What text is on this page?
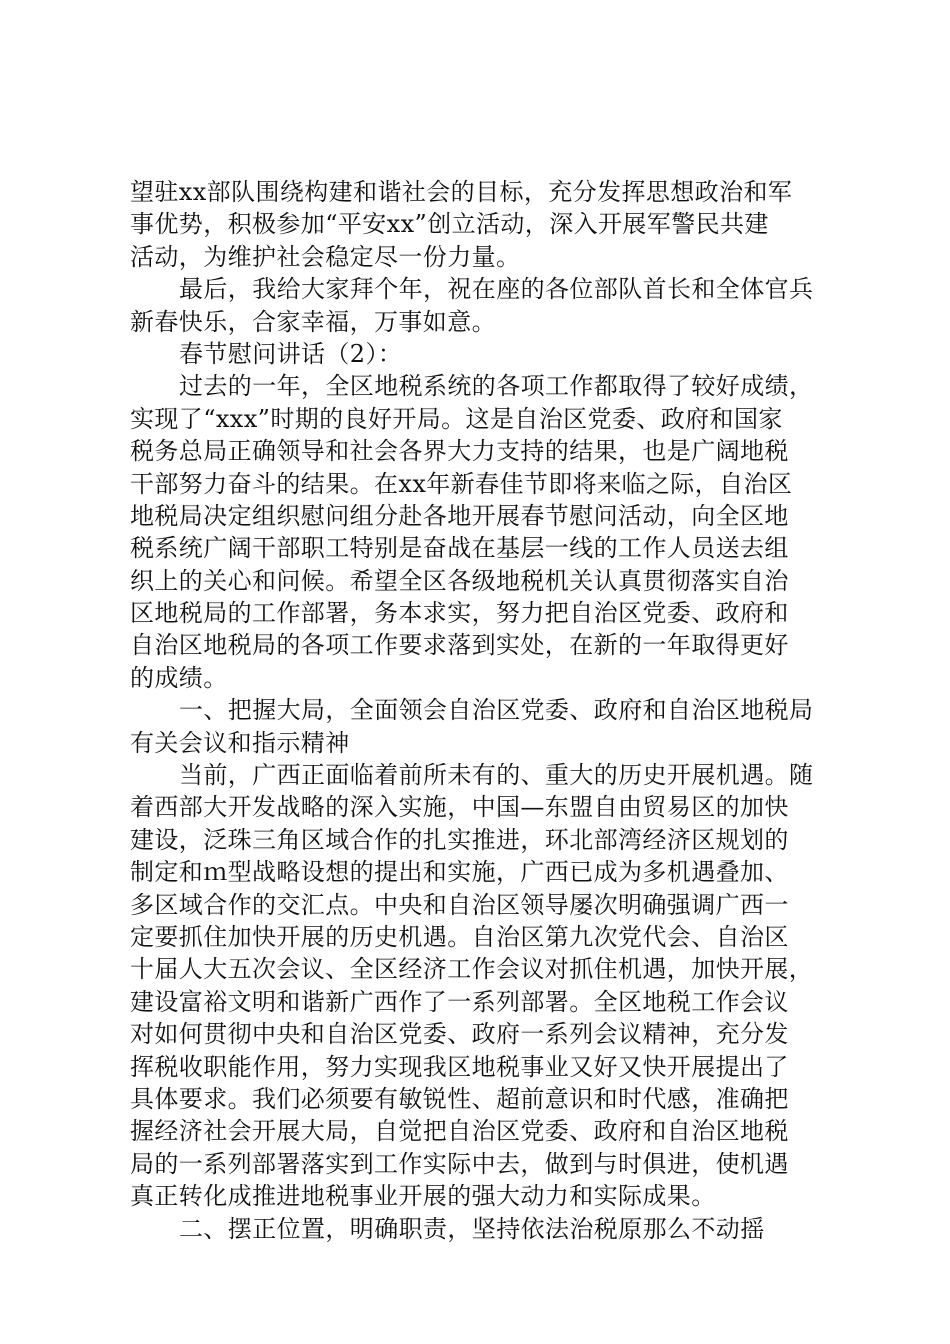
望驻xx部队围绕构建和谐社会的目标，充分发挥思想政治和军
事优势，积极参加“平安xx”创立活动，深入开展军警民共建
活动，为维护社会稳定尽一份力量。
最后，我给大家拜个年，祝在座的各位部队首长和全体官兵
新春快乐，合家幸福，万事如意。
春节慰问讲话（2）：
过去的一年，全区地税系统的各项工作都取得了较好成绩，
实现了“xxx”时期的良好开局。这是自治区党委、政府和国家
税务总局正确领导和社会各界大力支持的结果，也是广阔地税
干部努力奋斗的结果。在xx年新春佳节即将来临之际，自治区
地税局决定组织慰问组分赴各地开展春节慰问活动，向全区地
税系统广阔干部职工特别是奋战在基层一线的工作人员送去组
织上的关心和问候。希望全区各级地税机关认真贯彻落实自治
区地税局的工作部署，务本求实，努力把自治区党委、政府和
自治区地税局的各项工作要求落到实处，在新的一年取得更好
的成绩。
一、把握大局，全面领会自治区党委、政府和自治区地税局
有关会议和指示精神
当前，广西正面临着前所未有的、重大的历史开展机遇。随
着西部大开发战略的深入实施，中国—东盟自由贸易区的加快
建设，泛珠三角区域合作的扎实推进，环北部湾经济区规划的
制定和ｍ型战略设想的提出和实施，广西已成为多机遇叠加、
多区域合作的交汇点。中央和自治区领导屡次明确强调广西一
定要抓住加快开展的历史机遇。自治区第九次党代会、自治区
十届人大五次会议、全区经济工作会议对抓住机遇，加快开展，
建设富裕文明和谐新广西作了一系列部署。全区地税工作会议
对如何贯彻中央和自治区党委、政府一系列会议精神，充分发
挥税收职能作用，努力实现我区地税事业又好又快开展提出了
具体要求。我们必须要有敏锐性、超前意识和时代感，准确把
握经济社会开展大局，自觉把自治区党委、政府和自治区地税
局的一系列部署落实到工作实际中去，做到与时俱进，使机遇
真正转化成推进地税事业开展的强大动力和实际成果。
二、摆正位置，明确职责，坚持依法治税原那么不动摇
